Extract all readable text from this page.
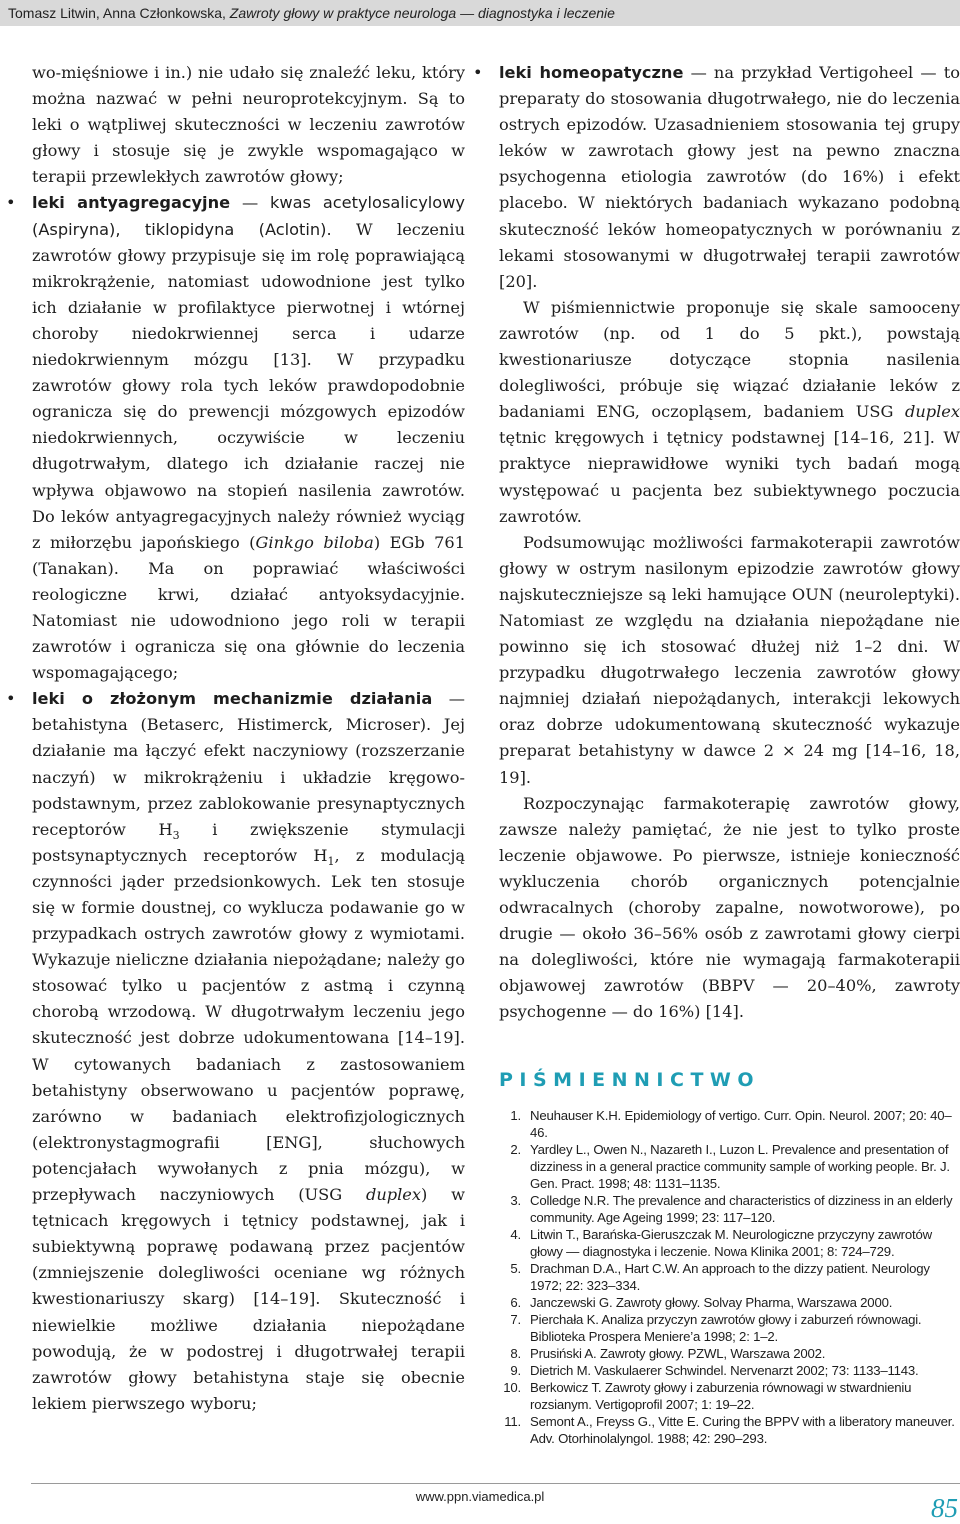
Tomasz Litwin, Anna Członkowska, Zawroty głowy w praktyce neurologa — diagnostyka i leczenie

wo-mięśniowe i in.) nie udało się znaleźć leku, który można nazwać w pełni neuroprotekcyjnym. Są to leki o wątpliwej skuteczności w leczeniu zawrotów głowy i stosuje się je zwykle wspomagająco w terapii przewlekłych zawrotów głowy;

• leki antyagregacyjne — kwas acetylosalicylowy (Aspiryna), tiklopidyna (Aclotin). W leczeniu zawrotów głowy przypisuje się im rolę poprawiającą mikrokrążenie, natomiast udowodnione jest tylko ich działanie w profilaktyce pierwotnej i wtórnej choroby niedokrwiennej serca i udarze niedokrwiennym mózgu [13]. W przypadku zawrotów głowy rola tych leków prawdopodobnie ogranicza się do prewencji mózgowych epizodów niedokrwiennych, oczywiście w leczeniu długotrwałym, dlatego ich działanie raczej nie wpływa objawowo na stopień nasilenia zawrotów. Do leków antyagregacyjnych należy również wyciąg z miłorzębu japońskiego (Ginkgo biloba) EGb 761 (Tanakan). Ma on poprawiać właściwości reologiczne krwi, działać antyoksydacyjnie. Natomiast nie udowodniono jego roli w terapii zawrotów i ogranicza się ona głównie do leczenia wspomagającego;

• leki o złożonym mechanizmie działania — betahistyna (Betaserc, Histimerck, Microser). Jej działanie ma łączyć efekt naczyniowy (rozszerzanie naczyń) w mikrokrążeniu i układzie kręgowo-podstawnym, przez zablokowanie presynaptycznych receptorów $H_3$ i zwiększenie stymulacji postsynaptycznych receptorów $H_1$, z modulacją czynności jąder przedsionkowych. Lek ten stosuje się w formie doustnej, co wyklucza podawanie go w przypadkach ostrych zawrotów głowy z wymiotami. Wykazuje nieliczne działania niepożądane; należy go stosować tylko u pacjentów z astmą i czynną chorobą wrzodową. W długotrwałym leczeniu jego skuteczność jest dobrze udokumentowana [14–19]. W cytowanych badaniach z zastosowaniem betahistyny obserwowano u pacjentów poprawę, zarówno w badaniach elektrofizjologicznych (elektronystagmografii [ENG], słuchowych potencjałach wywołanych z pnia mózgu), w przepływach naczyniowych (USG duplex) w tętnicach kręgowych i tętnicy podstawnej, jak i subiektywną poprawę podawaną przez pacjentów (zmniejszenie dolegliwości oceniane wg różnych kwestionariuszy skarg) [14–19]. Skuteczność i niewielkie możliwe działania niepożądane powodują, że w podostrej i długotrwałej terapii zawrotów głowy betahistyna staje się obecnie lekiem pierwszego wyboru;

• leki homeopatyczne — na przykład Vertigoheel — to preparaty do stosowania długotrwałego, nie do leczenia ostrych epizodów. Uzasadnieniem stosowania tej grupy leków w zawrotach głowy jest na pewno znaczna psychogenna etiologia zawrotów (do 16%) i efekt placebo. W niektórych badaniach wykazano podobną skuteczność leków homeopatycznych w porównaniu z lekami stosowanymi w długotrwałej terapii zawrotów [20].

W piśmiennictwie proponuje się skale samooceny zawrotów (np. od 1 do 5 pkt.), powstają kwestionariusze dotyczące stopnia nasilenia dolegliwości, próbuje się wiązać działanie leków z badaniami ENG, oczopląsem, badaniem USG duplex tętnic kręgowych i tętnicy podstawnej [14–16, 21]. W praktyce nieprawidłowe wyniki tych badań mogą występować u pacjenta bez subiektywnego poczucia zawrotów.

Podsumowując możliwości farmakoterapii zawrotów głowy w ostrym nasilonym epizodzie zawrotów głowy najskuteczniejsze są leki hamujące OUN (neuroleptyki). Natomiast ze względu na działania niepożądane nie powinno się ich stosować dłużej niż 1–2 dni. W przypadku długotrwałego leczenia zawrotów głowy najmniej działań niepożądanych, interakcji lekowych oraz dobrze udokumentowaną skuteczność wykazuje preparat betahistyny w dawce 2 × 24 mg [14–16, 18, 19].

Rozpoczynając farmakoterapię zawrotów głowy, zawsze należy pamiętać, że nie jest to tylko proste leczenie objawowe. Po pierwsze, istnieje konieczność wykluczenia chorób organicznych potencjalnie odwracalnych (choroby zapalne, nowotworowe), po drugie — około 36–56% osób z zawrotami głowy cierpi na dolegliwości, które nie wymagają farmakoterapii objawowej zawrotów (BBPV — 20–40%, zawroty psychogenne — do 16%) [14].

PIŚMIENNICTWO
1. Neuhauser K.H. Epidemiology of vertigo. Curr. Opin. Neurol. 2007; 20: 40–46.
2. Yardley L., Owen N., Nazareth I., Luzon L. Prevalence and presentation of dizziness in a general practice community sample of working people. Br. J. Gen. Pract. 1998; 48: 1131–1135.
3. Colledge N.R. The prevalence and characteristics of dizziness in an elderly community. Age Ageing 1999; 23: 117–120.
4. Litwin T., Barańska-Gieruszczak M. Neurologiczne przyczyny zawrotów głowy — diagnostyka i leczenie. Nowa Klinika 2001; 8: 724–729.
5. Drachman D.A., Hart C.W. An approach to the dizzy patient. Neurology 1972; 22: 323–334.
6. Janczewski G. Zawroty głowy. Solvay Pharma, Warszawa 2000.
7. Pierchała K. Analiza przyczyn zawrotów głowy i zaburzeń równowagi. Biblioteka Prospera Meniere’a 1998; 2: 1–2.
8. Prusiński A. Zawroty głowy. PZWL, Warszawa 2002.
9. Dietrich M. Vaskulaerer Schwindel. Nervenarzt 2002; 73: 1133–1143.
10. Berkowicz T. Zawroty głowy i zaburzenia równowagi w stwardnieniu rozsianym. Vertigoprofil 2007; 1: 19–22.
11. Semont A., Freyss G., Vitte E. Curing the BPPV with a liberatory maneuver. Adv. Otorhinolalyngol. 1988; 42: 290–293.
www.ppn.viamedica.pl	85
